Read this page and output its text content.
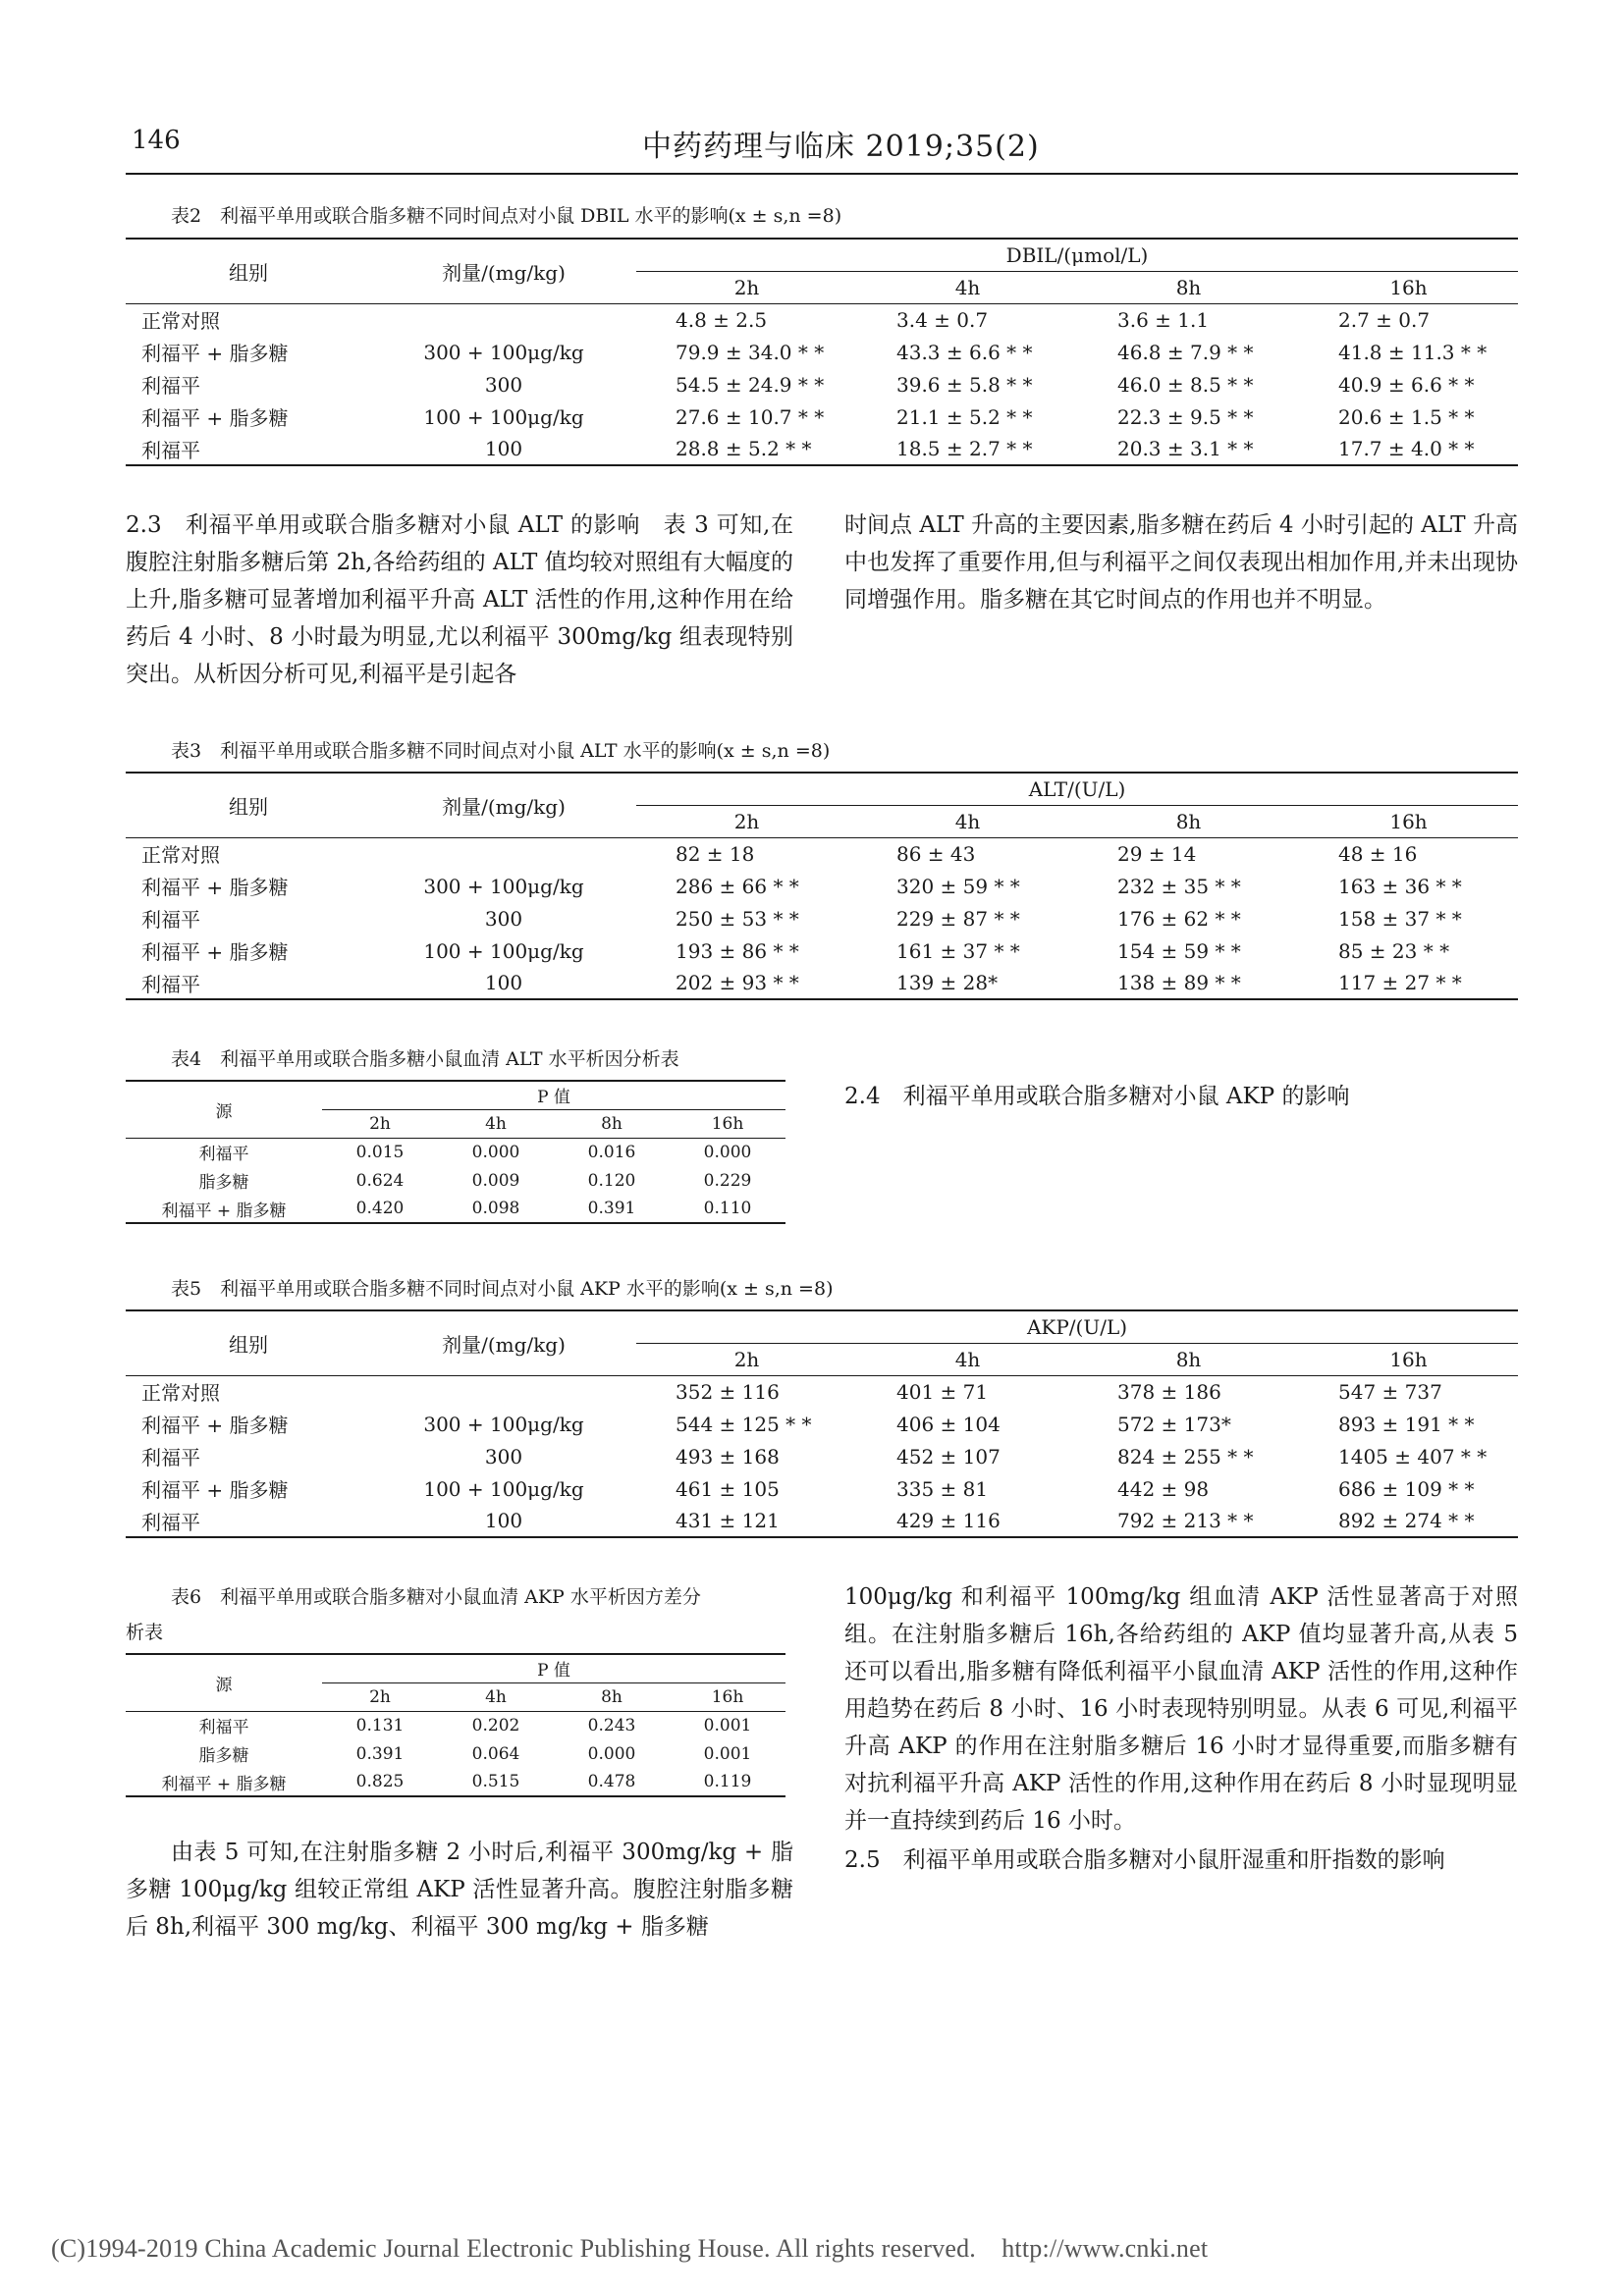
146	中药药理与临床 2019;35(2)
表2　利福平单用或联合脂多糖不同时间点对小鼠 DBIL 水平的影响(x ± s,n =8)
组别	剂量/(mg/kg)	DBIL/(μmol/L)			
		2h	4h	8h	16h
正常对照		4.8 ± 2.5	3.4 ± 0.7	3.6 ± 1.1	2.7 ± 0.7
利福平 + 脂多糖	300 + 100μg/kg	79.9 ± 34.0 * *	43.3 ± 6.6 * *	46.8 ± 7.9 * *	41.8 ± 11.3 * *
利福平	300	54.5 ± 24.9 * *	39.6 ± 5.8 * *	46.0 ± 8.5 * *	40.9 ± 6.6 * *
利福平 + 脂多糖	100 + 100μg/kg	27.6 ± 10.7 * *	21.1 ± 5.2 * *	22.3 ± 9.5 * *	20.6 ± 1.5 * *
利福平	100	28.8 ± 5.2 * *	18.5 ± 2.7 * *	20.3 ± 3.1 * *	17.7 ± 4.0 * *
2.3　利福平单用或联合脂多糖对小鼠 ALT 的影响　表 3 可知,在腹腔注射脂多糖后第 2h,各给药组的 ALT 值均较对照组有大幅度的上升,脂多糖可显著增加利福平升高 ALT 活性的作用,这种作用在给药后 4 小时、8 小时最为明显,尤以利福平 300mg/kg 组表现特别突出。从析因分析可见,利福平是引起各
时间点 ALT 升高的主要因素,脂多糖在药后 4 小时引起的 ALT 升高中也发挥了重要作用,但与利福平之间仅表现出相加作用,并未出现协同增强作用。脂多糖在其它时间点的作用也并不明显。
表3　利福平单用或联合脂多糖不同时间点对小鼠 ALT 水平的影响(x ± s,n =8)
组别	剂量/(mg/kg)	ALT/(U/L)			
		2h	4h	8h	16h
正常对照		82 ± 18	86 ± 43	29 ± 14	48 ± 16
利福平 + 脂多糖	300 + 100μg/kg	286 ± 66 * *	320 ± 59 * *	232 ± 35 * *	163 ± 36 * *
利福平	300	250 ± 53 * *	229 ± 87 * *	176 ± 62 * *	158 ± 37 * *
利福平 + 脂多糖	100 + 100μg/kg	193 ± 86 * *	161 ± 37 * *	154 ± 59 * *	85 ± 23 * *
利福平	100	202 ± 93 * *	139 ± 28*	138 ± 89 * *	117 ± 27 * *
表4　利福平单用或联合脂多糖小鼠血清 ALT 水平析因分析表
源	P 值			
	2h	4h	8h	16h
利福平	0.015	0.000	0.016	0.000
脂多糖	0.624	0.009	0.120	0.229
利福平 + 脂多糖	0.420	0.098	0.391	0.110
2.4　利福平单用或联合脂多糖对小鼠 AKP 的影响
表5　利福平单用或联合脂多糖不同时间点对小鼠 AKP 水平的影响(x ± s,n =8)
组别	剂量/(mg/kg)	AKP/(U/L)			
		2h	4h	8h	16h
正常对照		352 ± 116	401 ± 71	378 ± 186	547 ± 737
利福平 + 脂多糖	300 + 100μg/kg	544 ± 125 * *	406 ± 104	572 ± 173*	893 ± 191 * *
利福平	300	493 ± 168	452 ± 107	824 ± 255 * *	1405 ± 407 * *
利福平 + 脂多糖	100 + 100μg/kg	461 ± 105	335 ± 81	442 ± 98	686 ± 109 * *
利福平	100	431 ± 121	429 ± 116	792 ± 213 * *	892 ± 274 * *
表6　利福平单用或联合脂多糖对小鼠血清 AKP 水平析因方差分
析表
源	P 值			
	2h	4h	8h	16h
利福平	0.131	0.202	0.243	0.001
脂多糖	0.391	0.064	0.000	0.001
利福平 + 脂多糖	0.825	0.515	0.478	0.119
由表 5 可知,在注射脂多糖 2 小时后,利福平 300mg/kg + 脂多糖 100μg/kg 组较正常组 AKP 活性显著升高。腹腔注射脂多糖后 8h,利福平 300 mg/kg、利福平 300 mg/kg + 脂多糖
100μg/kg 和利福平 100mg/kg 组血清 AKP 活性显著高于对照组。在注射脂多糖后 16h,各给药组的 AKP 值均显著升高,从表 5 还可以看出,脂多糖有降低利福平小鼠血清 AKP 活性的作用,这种作用趋势在药后 8 小时、16 小时表现特别明显。从表 6 可见,利福平升高 AKP 的作用在注射脂多糖后 16 小时才显得重要,而脂多糖有对抗利福平升高 AKP 活性的作用,这种作用在药后 8 小时显现明显并一直持续到药后 16 小时。
2.5　利福平单用或联合脂多糖对小鼠肝湿重和肝指数的影响
(C)1994-2019 China Academic Journal Electronic Publishing House. All rights reserved.　http://www.cnki.net
